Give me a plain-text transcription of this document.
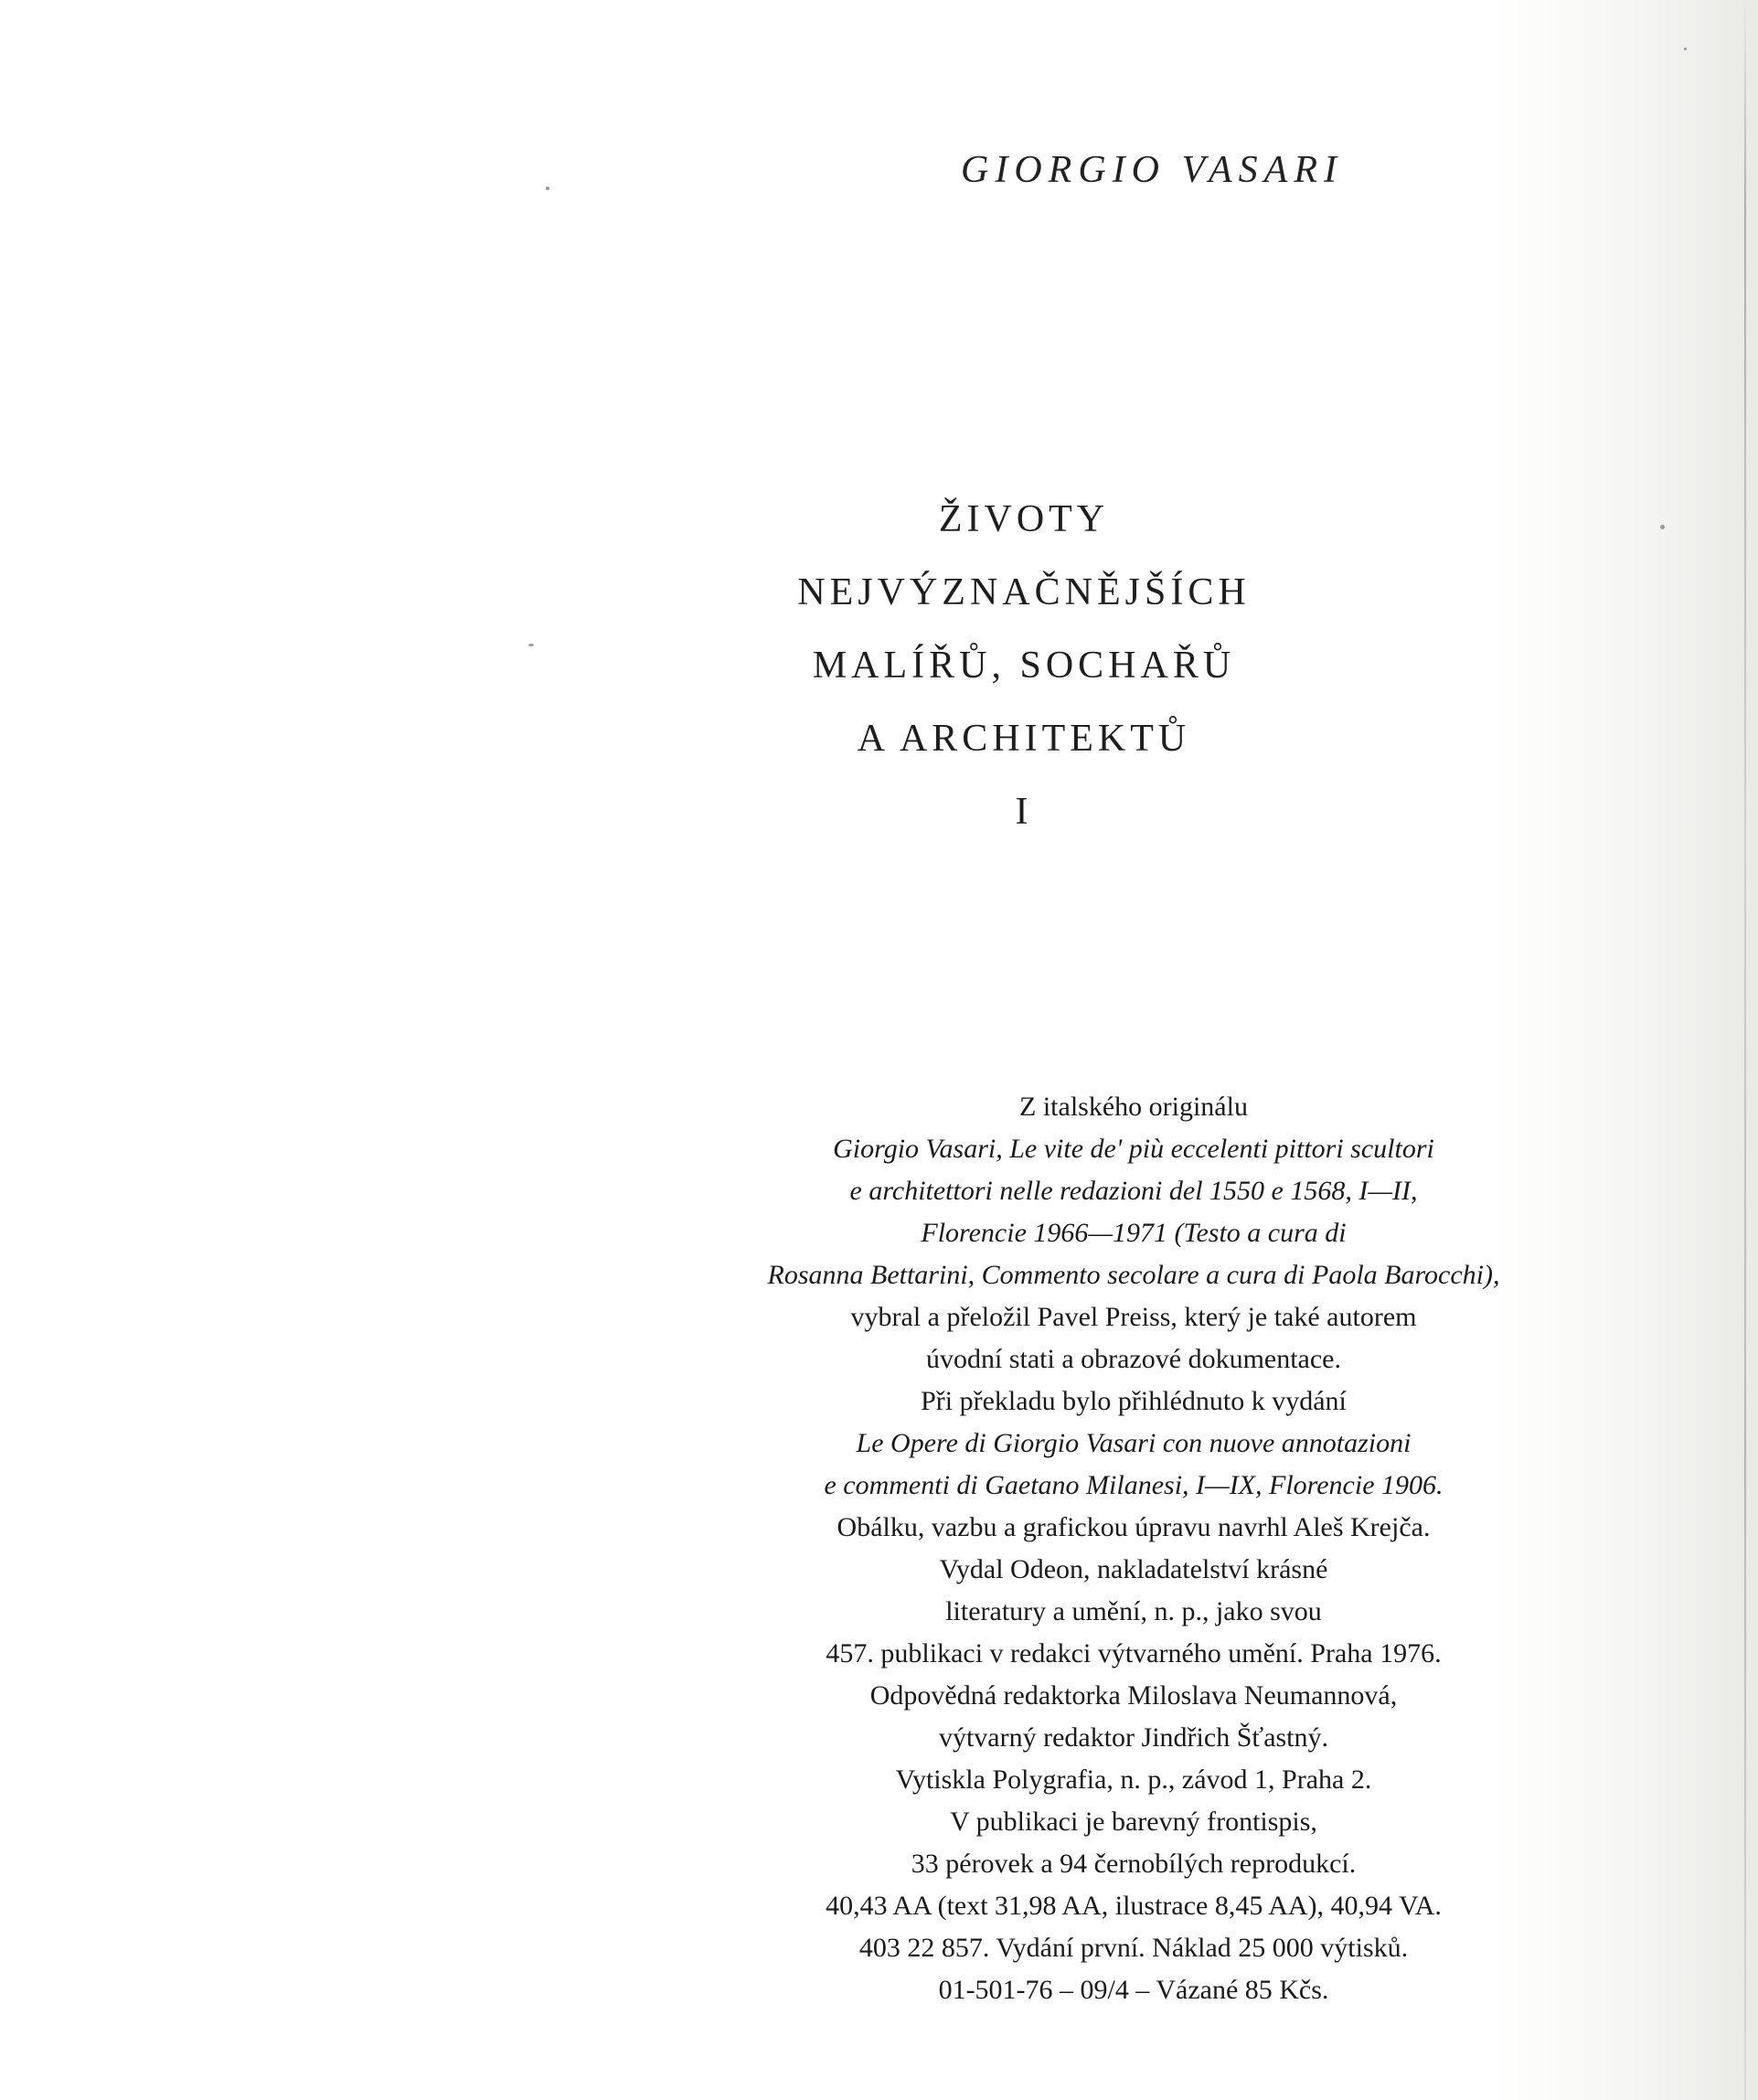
GIORGIO VASARI
ŽIVOTY
NEJVÝZNAČNĚJŠÍCH
MALÍŘŮ, SOCHAŘŮ
A ARCHITEKTŮ
I
Z italského originálu
Giorgio Vasari, Le vite de' più eccelenti pittori scultori
e architettori nelle redazioni del 1550 e 1568, I—II,
Florencie 1966—1971 (Testo a cura di
Rosanna Bettarini, Commento secolare a cura di Paola Barocchi),
vybral a přeložil Pavel Preiss, který je také autorem
úvodní stati a obrazové dokumentace.
Při překladu bylo přihlédnuto k vydání
Le Opere di Giorgio Vasari con nuove annotazioni
e commenti di Gaetano Milanesi, I—IX, Florencie 1906.
Obálku, vazbu a grafickou úpravu navrhl Aleš Krejča.
Vydal Odeon, nakladatelství krásné
literatury a umění, n. p., jako svou
457. publikaci v redakci výtvarného umění. Praha 1976.
Odpovědná redaktorka Miloslava Neumannová,
výtvarný redaktor Jindřich Šťastný.
Vytiskla Polygrafia, n. p., závod 1, Praha 2.
V publikaci je barevný frontispis,
33 pérovek a 94 černobílých reprodukcí.
40,43 AA (text 31,98 AA, ilustrace 8,45 AA), 40,94 VA.
403 22 857. Vydání první. Náklad 25 000 výtisků.
01-501-76 – 09/4 – Vázané 85 Kčs.
